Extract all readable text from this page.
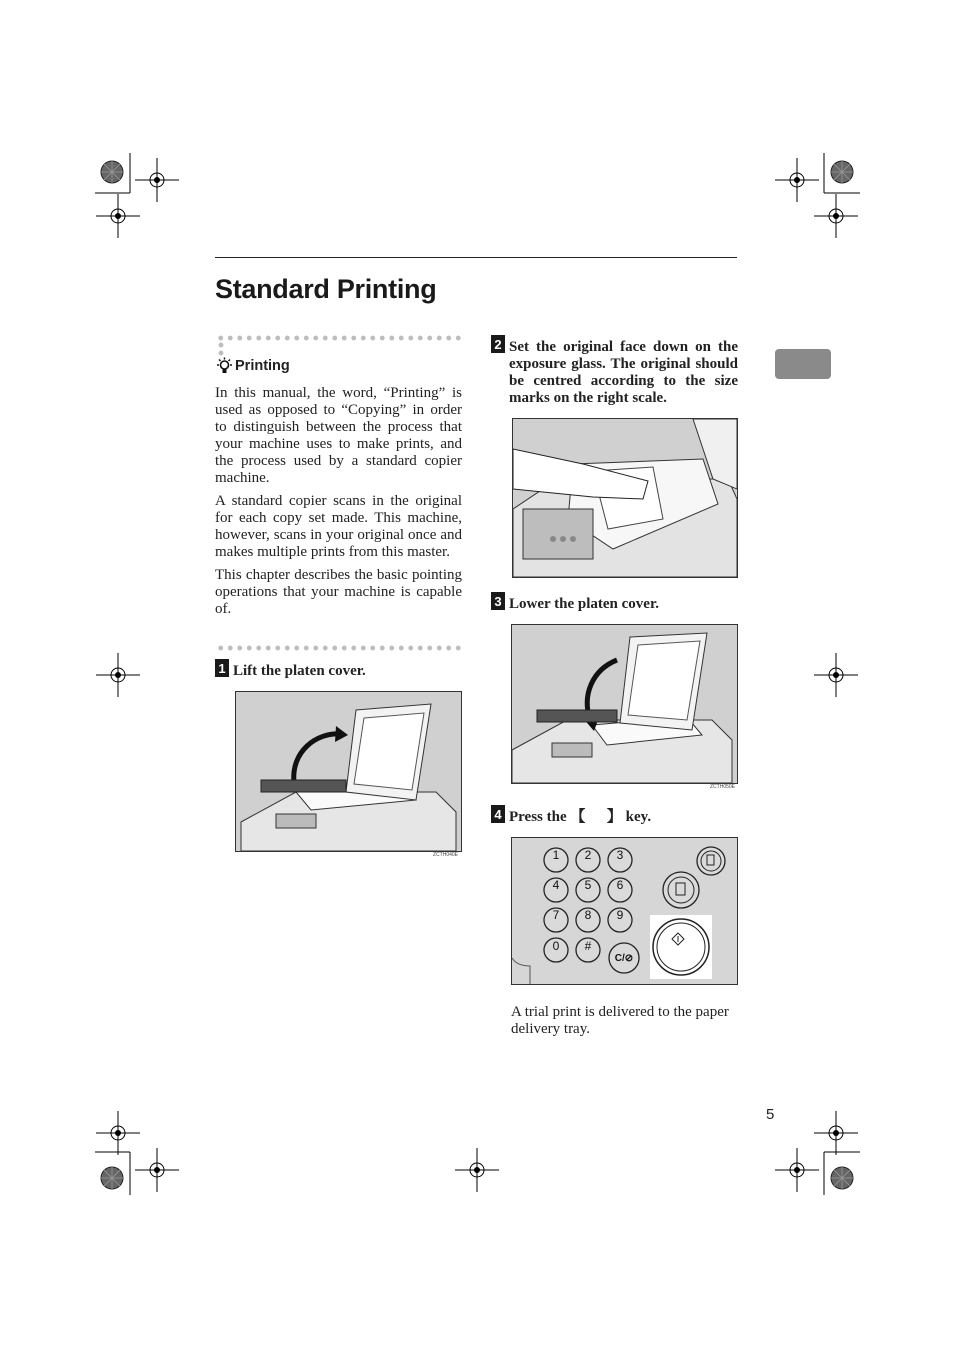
Standard Printing
Printing

In this manual, the word, “Printing” is used as opposed to “Copying” in order to distinguish between the process that your machine uses to make prints, and the process used by a standard copier machine.

A standard copier scans in the original for each copy set made. This machine, however, scans in your original once and makes multiple prints from this master.

This chapter describes the basic pointing operations that your machine is capable of.

1 Lift the platen cover.
ZCTH040E
2 Set the original face down on the exposure glass. The original should be centred according to the size marks on the right scale.
3 Lower the platen cover.
ZCTH050E
4 Press the 【 】 key.
1 2 3
4 5 6
7 8 9
0 #
C/⊘
A trial print is delivered to the paper delivery tray.
5
